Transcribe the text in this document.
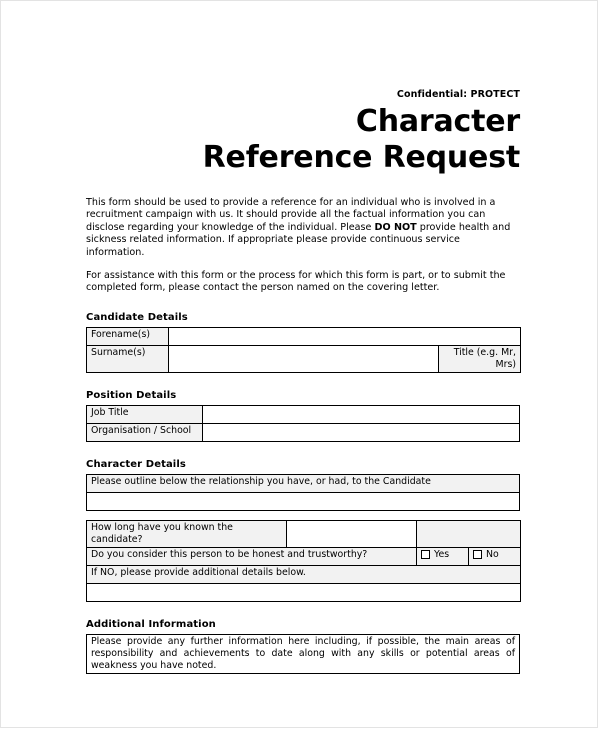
Confidential: PROTECT
Character
Reference Request

This form should be used to provide a reference for an individual who is involved in a recruitment campaign with us. It should provide all the factual information you can disclose regarding your knowledge of the individual. Please DO NOT provide health and sickness related information. If appropriate please provide continuous service information.

For assistance with this form or the process for which this form is part, or to submit the completed form, please contact the person named on the covering letter.

Candidate Details
Forename(s)			
Surname(s)		Title (e.g. Mr, Mrs)	
Position Details
Job Title	
Organisation / School	
Character Details
Please outline below the relationship you have, or had, to the Candidate

How long have you known the candidate?			
Do you consider this person to be honest and trustworthy?		Yes	No

If NO, please provide additional details below.			

Additional Information
Please provide any further information here including, if possible, the main areas of responsibility and achievements to date along with any skills or potential areas of weakness you have noted.
